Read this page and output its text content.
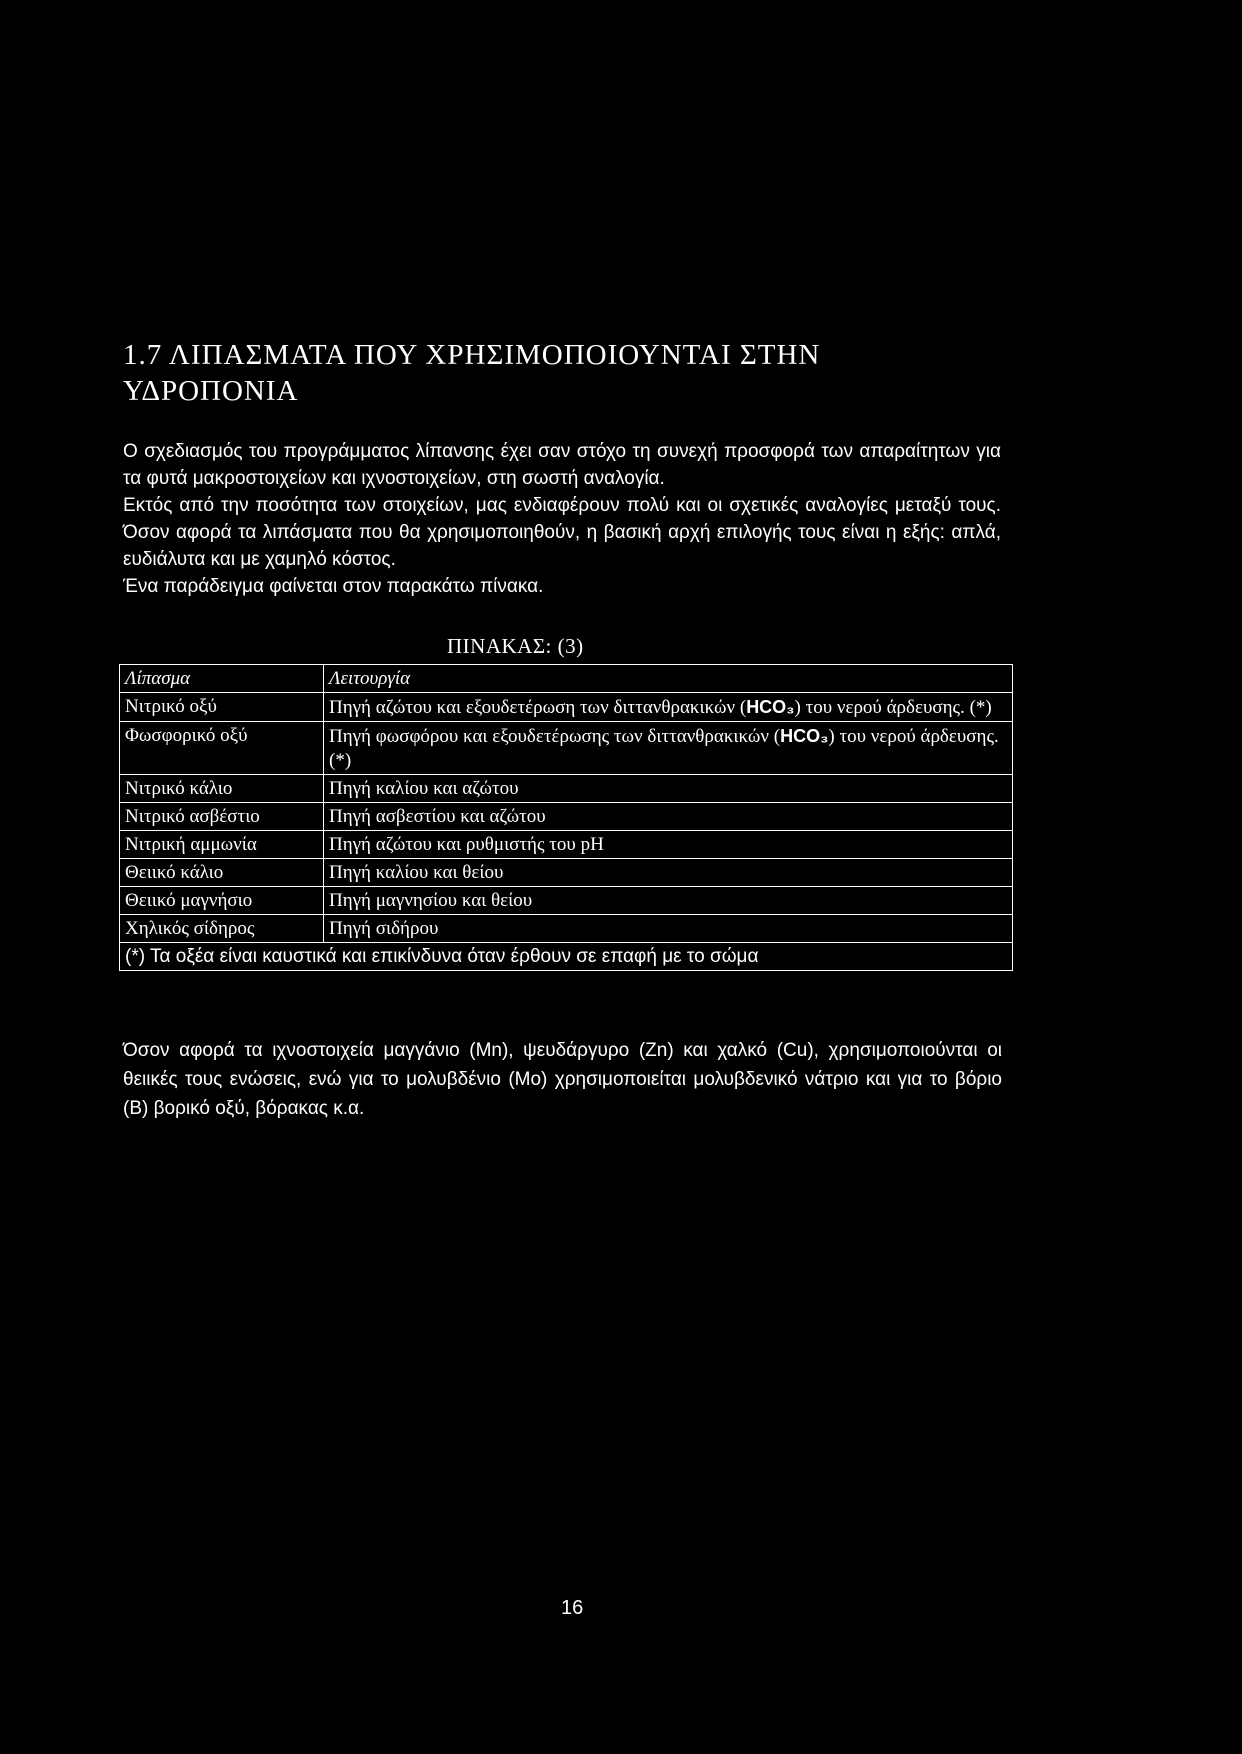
1.7 ΛΙΠΑΣΜΑΤΑ ΠΟΥ ΧΡΗΣΙΜΟΠΟΙΟΥΝΤΑΙ ΣΤΗΝ
ΥΔΡΟΠΟΝΙΑ

Ο σχεδιασμός του προγράμματος λίπανσης έχει σαν στόχο τη συνεχή προσφορά των απαραίτητων για τα φυτά μακροστοιχείων και ιχνοστοιχείων, στη σωστή αναλογία.

Εκτός από την ποσότητα των στοιχείων, μας ενδιαφέρουν πολύ και οι σχετικές αναλογίες μεταξύ τους. Όσον αφορά τα λιπάσματα που θα χρησιμοποιηθούν, η βασική αρχή επιλογής τους είναι η εξής: απλά, ευδιάλυτα και με χαμηλό κόστος.

Ένα παράδειγμα φαίνεται στον παρακάτω πίνακα.

ΠΙΝΑΚΑΣ: (3)
Λίπασμα	Λειτουργία
Νιτρικό οξύ	Πηγή αζώτου και εξουδετέρωση των διττανθρακικών (HCO₃) του νερού άρδευσης. (*)
Φωσφορικό οξύ	Πηγή φωσφόρου και εξουδετέρωσης των διττανθρακικών (HCO₃) του νερού άρδευσης. (*)
Νιτρικό κάλιο	Πηγή καλίου και αζώτου
Νιτρικό ασβέστιο	Πηγή ασβεστίου και αζώτου
Νιτρική αμμωνία	Πηγή αζώτου και ρυθμιστής του pH
Θειικό κάλιο	Πηγή καλίου και θείου
Θειικό μαγνήσιο	Πηγή μαγνησίου και θείου
Χηλικός σίδηρος	Πηγή σιδήρου
(*) Τα οξέα είναι καυστικά και επικίνδυνα όταν έρθουν σε επαφή με το σώμα	

Όσον αφορά τα ιχνοστοιχεία μαγγάνιο (Mn), ψευδάργυρο (Zn) και χαλκό (Cu), χρησιμοποιούνται οι θειικές τους ενώσεις, ενώ για το μολυβδένιο (Mo) χρησιμοποιείται μολυβδενικό νάτριο και για το βόριο (B) βορικό οξύ, βόρακας κ.α.

16
